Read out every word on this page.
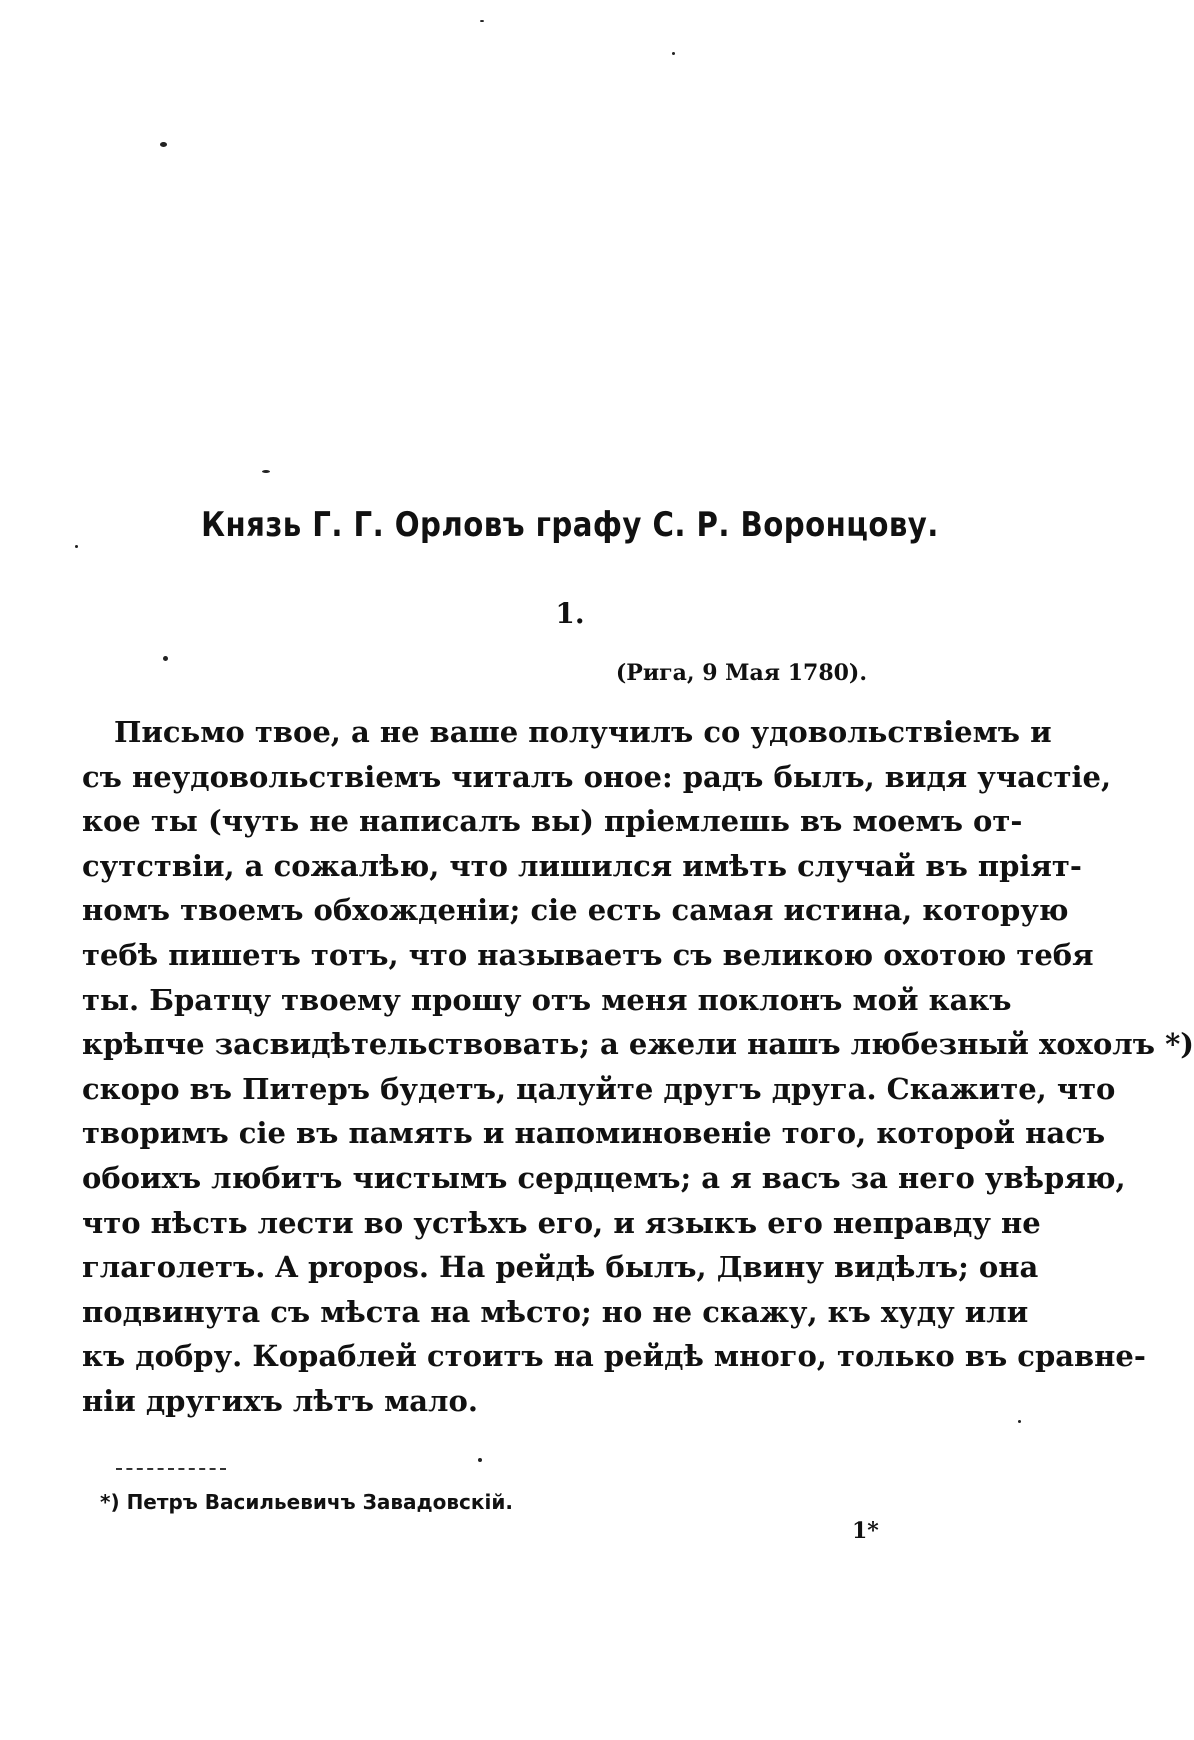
Князь Г. Г. Орловъ графу С. Р. Воронцову.
1.
(Рига, 9 Мая 1780).
Письмо твое, а не ваше получилъ со удовольствіемъ и
съ неудовольствіемъ читалъ оное: радъ былъ, видя участіе,
кое ты (чуть не написалъ вы) пріемлешь въ моемъ от-
сутствіи, а сожалѣю, что лишился имѣть случай въ пріят-
номъ твоемъ обхожденіи; сіе есть самая истина, которую
тебѣ пишетъ тотъ, что называетъ съ великою охотою тебя
ты. Братцу твоему прошу отъ меня поклонъ мой какъ
крѣпче засвидѣтельствовать; а ежели нашъ любезный хохолъ *)
скоро въ Питеръ будетъ, цалуйте другъ друга. Скажите, что
творимъ сіе въ память и напоминовеніе того, которой насъ
обоихъ любитъ чистымъ сердцемъ; а я васъ за него увѣряю,
что нѣсть лести во устѣхъ его, и языкъ его неправду не
глаголетъ. A propos. На рейдѣ былъ, Двину видѣлъ; она
подвинута съ мѣста на мѣсто; но не скажу, къ худу или
къ добру. Кораблей стоитъ на рейдѣ много, только въ сравне-
ніи другихъ лѣтъ мало.
*) Петръ Васильевичъ Завадовскій.
1*
